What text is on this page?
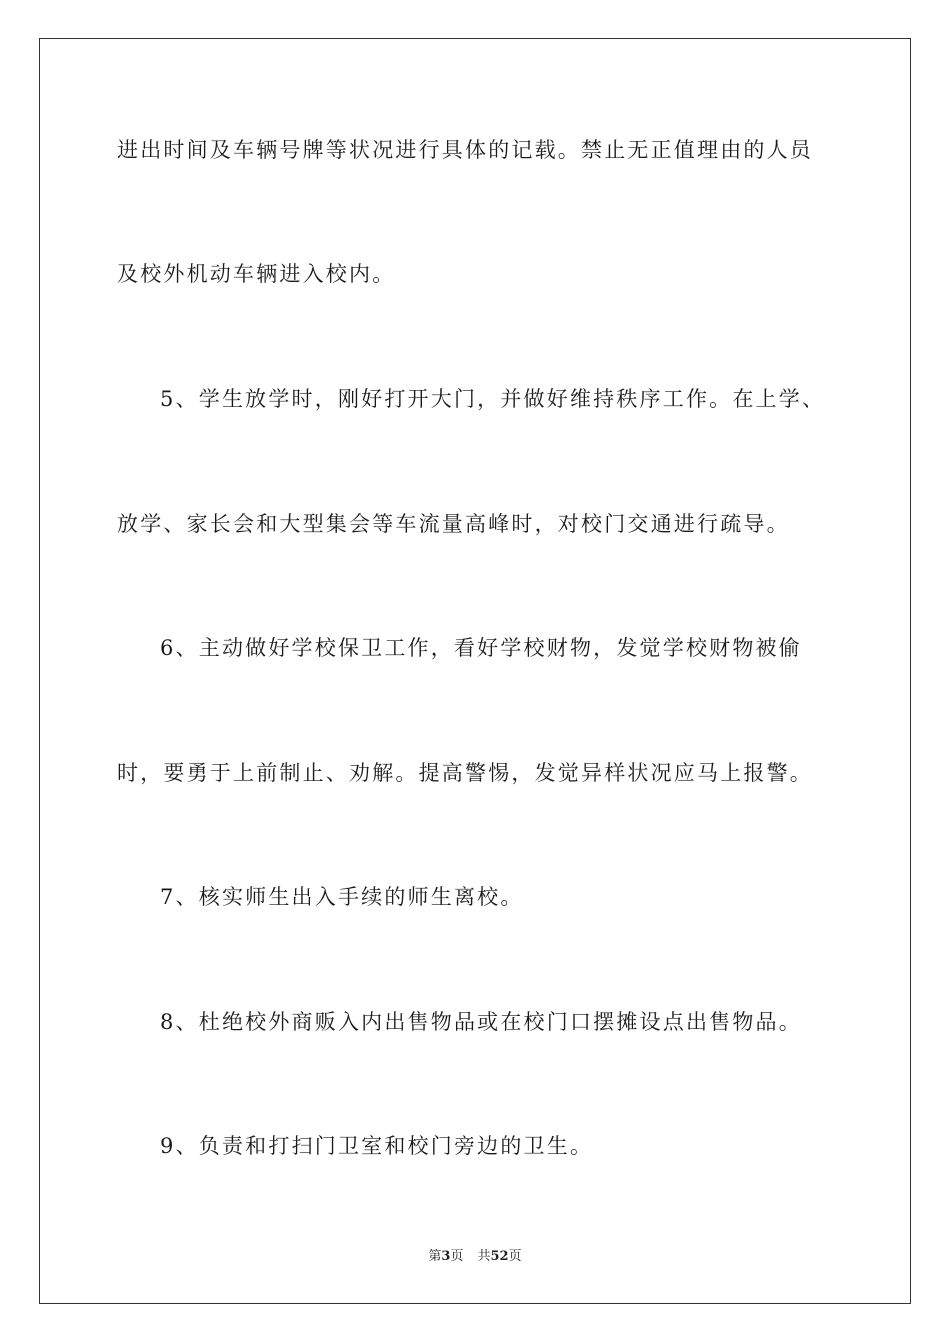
进出时间及车辆号牌等状况进行具体的记载。禁止无正值理由的人员
及校外机动车辆进入校内。
5、学生放学时，刚好打开大门，并做好维持秩序工作。在上学、
放学、家长会和大型集会等车流量高峰时，对校门交通进行疏导。
6、主动做好学校保卫工作，看好学校财物，发觉学校财物被偷
时，要勇于上前制止、劝解。提高警惕，发觉异样状况应马上报警。
7、核实师生出入手续的师生离校。
8、杜绝校外商贩入内出售物品或在校门口摆摊设点出售物品。
9、负责和打扫门卫室和校门旁边的卫生。
第3页 共52页
